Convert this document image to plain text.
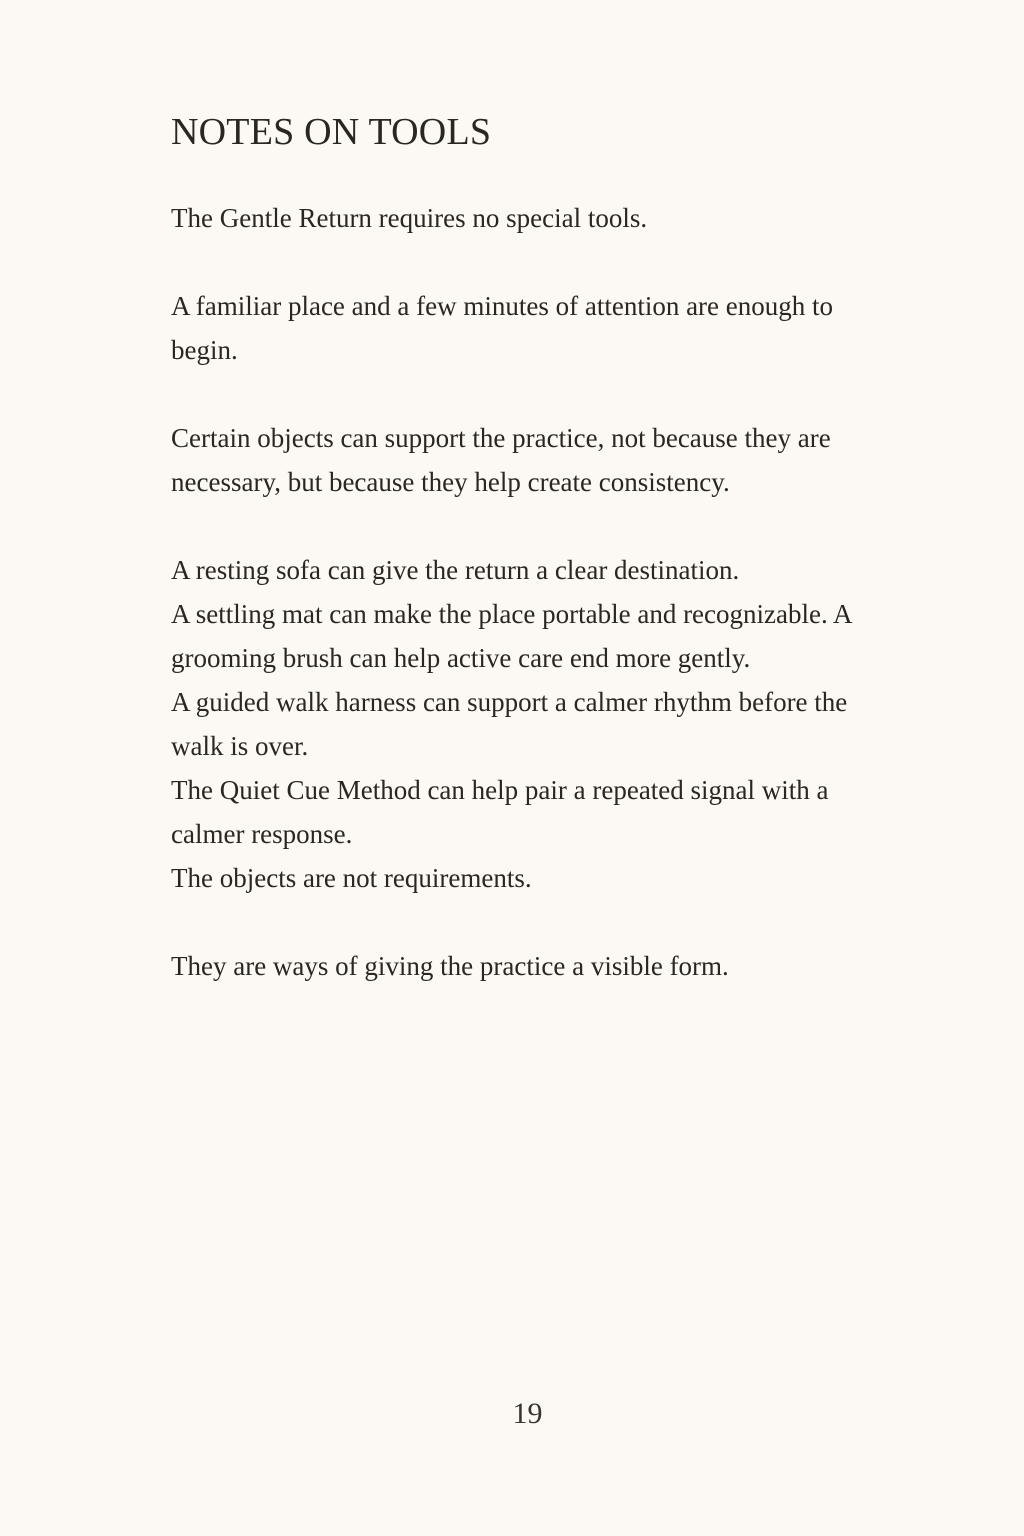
NOTES ON TOOLS

The Gentle Return requires no special tools.

A familiar place and a few minutes of attention are enough to begin.

Certain objects can support the practice, not because they are necessary, but because they help create consistency.

A resting sofa can give the return a clear destination.

A settling mat can make the place portable and recognizable. A grooming brush can help active care end more gently.

A guided walk harness can support a calmer rhythm before the walk is over.

The Quiet Cue Method can help pair a repeated signal with a calmer response.

The objects are not requirements.

They are ways of giving the practice a visible form.

19
